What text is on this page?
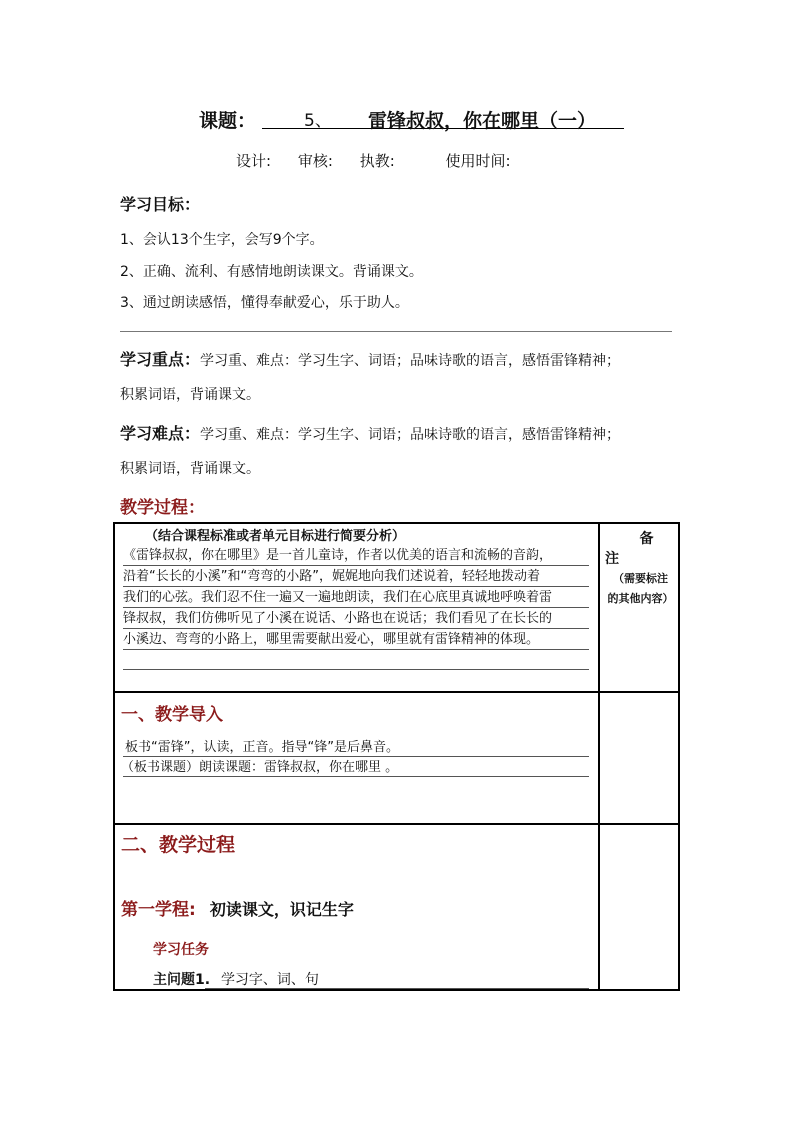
课题：	5、 雷锋叔叔，你在哪里（一）
设计: 审核: 执教:	使用时间:
学习目标：
1、会认13个生字，会写9个字。
2、正确、流利、有感情地朗读课文。背诵课文。
3、通过朗读感悟，懂得奉献爱心，乐于助人。
学习重点：学习重、难点：学习生字、词语；品味诗歌的语言，感悟雷锋精神；
积累词语，背诵课文。
学习难点：学习重、难点：学习生字、词语；品味诗歌的语言，感悟雷锋精神；
积累词语，背诵课文。
教学过程：
（结合课程标准或者单元目标进行简要分析）
《雷锋叔叔，你在哪里》是一首儿童诗，作者以优美的语言和流畅的音韵，
沿着“长长的小溪”和“弯弯的小路”，娓娓地向我们述说着，轻轻地拨动着
我们的心弦。我们忍不住一遍又一遍地朗读，我们在心底里真诚地呼唤着雷
锋叔叔，我们仿佛听见了小溪在说话、小路也在说话；我们看见了在长长的
小溪边、弯弯的小路上，哪里需要献出爱心，哪里就有雷锋精神的体现。
备
注
（需要标注
的其他内容）
一、教学导入
板书“雷锋”，认读，正音。指导“锋”是后鼻音。
（板书课题）朗读课题：雷锋叔叔，你在哪里 。
二、教学过程
第一学程: 初读课文，识记生字
学习任务
主问题1. 学习字、词、句
